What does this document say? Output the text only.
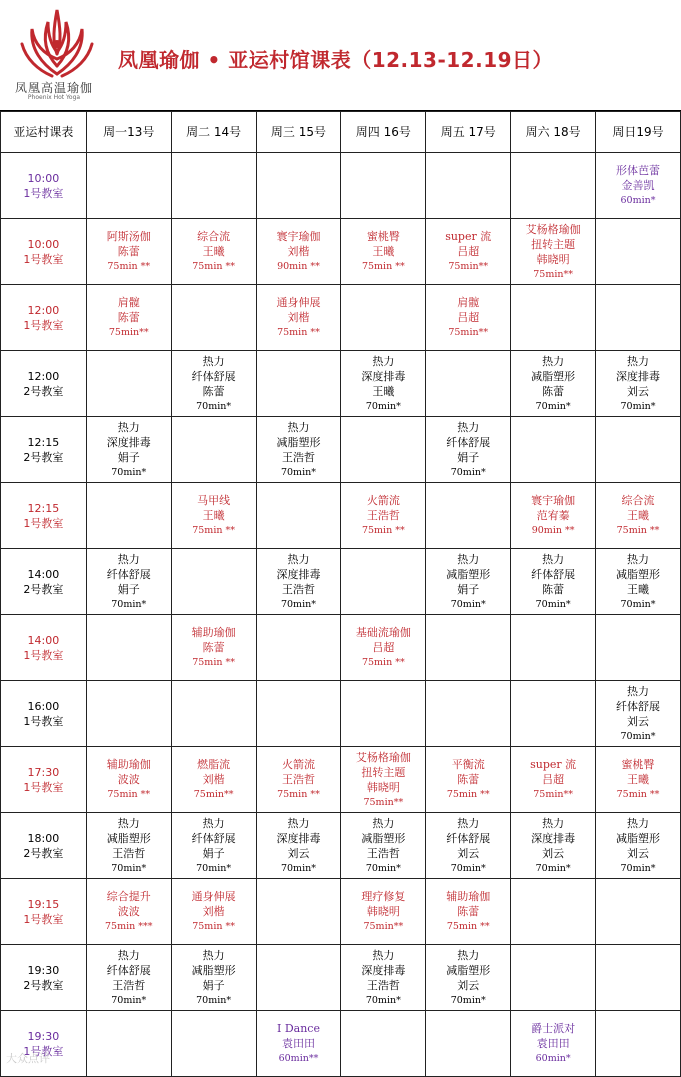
凤凰高温瑜伽
Phoenix Hot Yoga
凤凰瑜伽 • 亚运村馆课表（12.13-12.19日）
亚运村课表	周一13号	周二 14号	周三 15号	周四 16号	周五 17号	周六 18号	周日19号

10:00
1号教室							形体芭蕾
金善凯
60min*

10:00
1号教室	阿斯汤伽
陈蕾
75min **	综合流
王曦
75min **	寰宇瑜伽
刘楷
90min **	蜜桃臀
王曦
75min **	super 流
吕超
75min**	艾杨格瑜伽
扭转主题
韩晓明
75min**	

12:00
1号教室	肩髋
陈蕾
75min**		通身伸展
刘楷
75min **		肩髋
吕超
75min**		

12:00
2号教室		热力
纤体舒展
陈蕾
70min*		热力
深度排毒
王曦
70min*		热力
减脂塑形
陈蕾
70min*	热力
深度排毒
刘云
70min*

12:15
2号教室	热力
深度排毒
娟子
70min*		热力
减脂塑形
王浩哲
70min*		热力
纤体舒展
娟子
70min*		

12:15
1号教室		马甲线
王曦
75min **		火箭流
王浩哲
75min **		寰宇瑜伽
范宥蓁
90min **	综合流
王曦
75min **

14:00
2号教室	热力
纤体舒展
娟子
70min*		热力
深度排毒
王浩哲
70min*		热力
减脂塑形
娟子
70min*	热力
纤体舒展
陈蕾
70min*	热力
减脂塑形
王曦
70min*

14:00
1号教室		辅助瑜伽
陈蕾
75min **		基础流瑜伽
吕超
75min **			

16:00
1号教室							热力
纤体舒展
刘云
70min*

17:30
1号教室	辅助瑜伽
波波
75min **	燃脂流
刘楷
75min**	火箭流
王浩哲
75min **	艾杨格瑜伽
扭转主题
韩晓明
75min**	平衡流
陈蕾
75min **	super 流
吕超
75min**	蜜桃臀
王曦
75min **

18:00
2号教室	热力
减脂塑形
王浩哲
70min*	热力
纤体舒展
娟子
70min*	热力
深度排毒
刘云
70min*	热力
减脂塑形
王浩哲
70min*	热力
纤体舒展
刘云
70min*	热力
深度排毒
刘云
70min*	热力
减脂塑形
刘云
70min*

19:15
1号教室	综合提升
波波
75min ***	通身伸展
刘楷
75min **		理疗修复
韩晓明
75min**	辅助瑜伽
陈蕾
75min **		

19:30
2号教室	热力
纤体舒展
王浩哲
70min*	热力
减脂塑形
娟子
70min*		热力
深度排毒
王浩哲
70min*	热力
减脂塑形
刘云
70min*		

19:30
1号教室			I Dance
袁田田
60min**			爵士派对
袁田田
60min*	

大众点评
